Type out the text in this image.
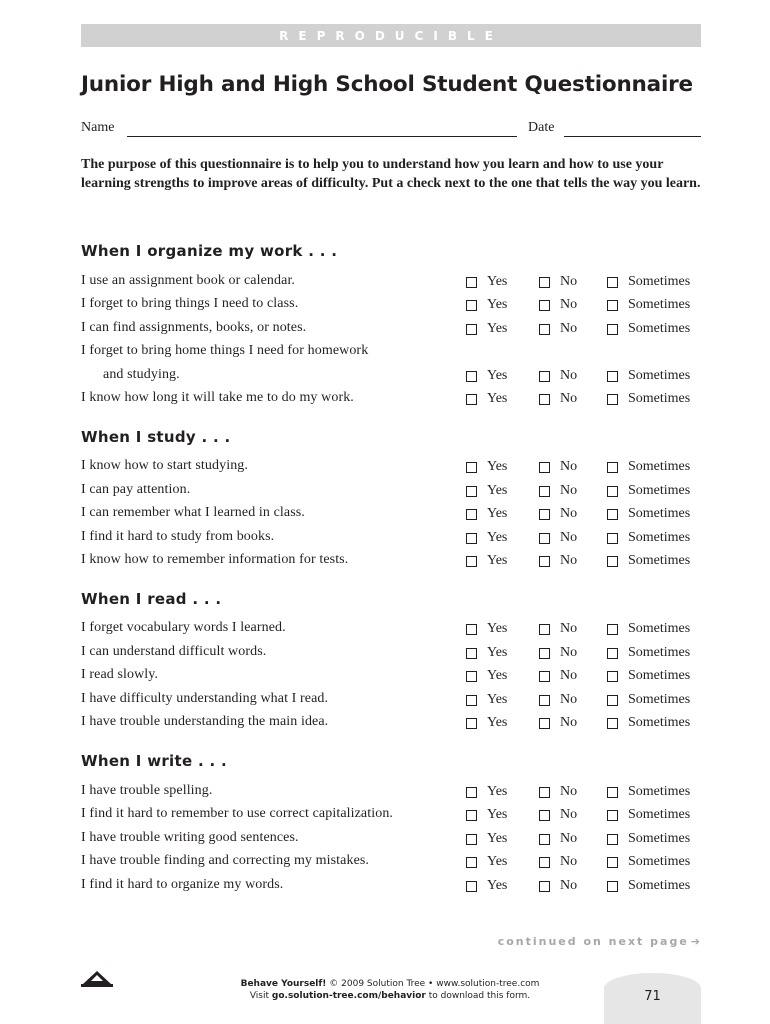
REPRODUCIBLE
Junior High and High School Student Questionnaire
Name	Date

The purpose of this questionnaire is to help you to understand how you learn and how to use your learning strengths to improve areas of difficulty. Put a check next to the one that tells the way you learn.

When I organize my work . . .
I use an assignment book or calendar.	Yes	No	Sometimes
I forget to bring things I need to class.	Yes	No	Sometimes
I can find assignments, books, or notes.	Yes	No	Sometimes
I forget to bring home things I need for homework
and studying.	Yes	No	Sometimes
I know how long it will take me to do my work.	Yes	No	Sometimes
When I study . . .
I know how to start studying.	Yes	No	Sometimes
I can pay attention.	Yes	No	Sometimes
I can remember what I learned in class.	Yes	No	Sometimes
I find it hard to study from books.	Yes	No	Sometimes
I know how to remember information for tests.	Yes	No	Sometimes
When I read . . .
I forget vocabulary words I learned.	Yes	No	Sometimes
I can understand difficult words.	Yes	No	Sometimes
I read slowly.	Yes	No	Sometimes
I have difficulty understanding what I read.	Yes	No	Sometimes
I have trouble understanding the main idea.	Yes	No	Sometimes
When I write . . .
I have trouble spelling.	Yes	No	Sometimes
I find it hard to remember to use correct capitalization.	Yes	No	Sometimes
I have trouble writing good sentences.	Yes	No	Sometimes
I have trouble finding and correcting my mistakes.	Yes	No	Sometimes
I find it hard to organize my words.	Yes	No	Sometimes
continued on next page ➔
Behave Yourself! © 2009 Solution Tree • www.solution-tree.com
Visit go.solution-tree.com/behavior to download this form.	71
